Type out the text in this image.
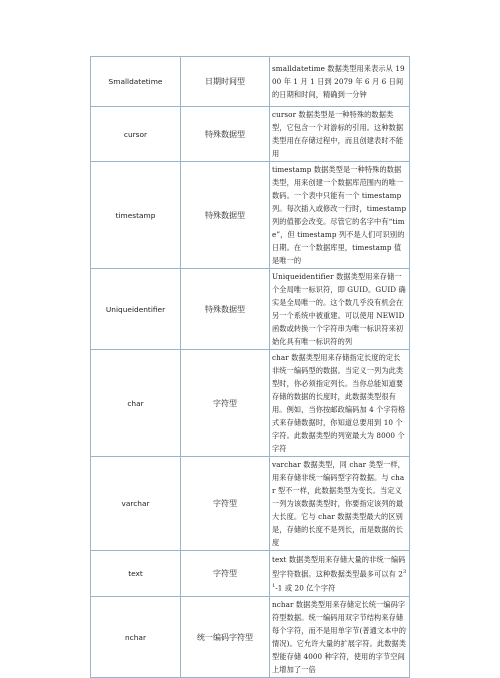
Smalldatetime	日期时间型	smalldatetime 数据类型用来表示从 1900 年 1 月 1 日到 2079 年 6 月 6 日间的日期和时间，精确到一分钟
cursor	特殊数据型	cursor 数据类型是一种特殊的数据类型，它包含一个对游标的引用。这种数据类型用在存储过程中，而且创建表时不能用
timestamp	特殊数据型	timestamp 数据类型是一种特殊的数据类型，用来创建一个数据库范围内的唯一数码。一个表中只能有一个 timestamp 列。每次插入或修改一行时，timestamp 列的值都会改变。尽管它的名字中有“time”，但 timestamp 列不是人们可识别的日期。在一个数据库里，timestamp 值是唯一的
Uniqueidentifier	特殊数据型	Uniqueidentifier 数据类型用来存储一个全局唯一标识符，即 GUID。GUID 确实是全局唯一的。这个数几乎没有机会在另一个系统中被重建。可以使用 NEWID 函数或转换一个字符串为唯一标识符来初始化具有唯一标识符的列
char	字符型	char 数据类型用来存储指定长度的定长非统一编码型的数据。当定义一列为此类型时，你必须指定列长。当你总能知道要存储的数据的长度时，此数据类型很有用。例如，当你按邮政编码加 4 个字符格式来存储数据时，你知道总要用到 10 个字符。此数据类型的列宽最大为 8000 个字符
varchar	字符型	varchar 数据类型，同 char 类型一样，用来存储非统一编码型字符数据。与 char 型不一样，此数据类型为变长。当定义一列为该数据类型时，你要指定该列的最大长度。它与 char 数据类型最大的区别是，存储的长度不是列长，而是数据的长度
text	字符型	text 数据类型用来存储大量的非统一编码型字符数据。这种数据类型最多可以有 $2^{31}-1$ 或 20 亿个字符
nchar	统一编码字符型	nchar 数据类型用来存储定长统一编码字符型数据。统一编码用双字节结构来存储每个字符，而不是用单字节(普通文本中的情况)。它允许大量的扩展字符。此数据类型能存储 4000 种字符，使用的字节空间上增加了一倍
